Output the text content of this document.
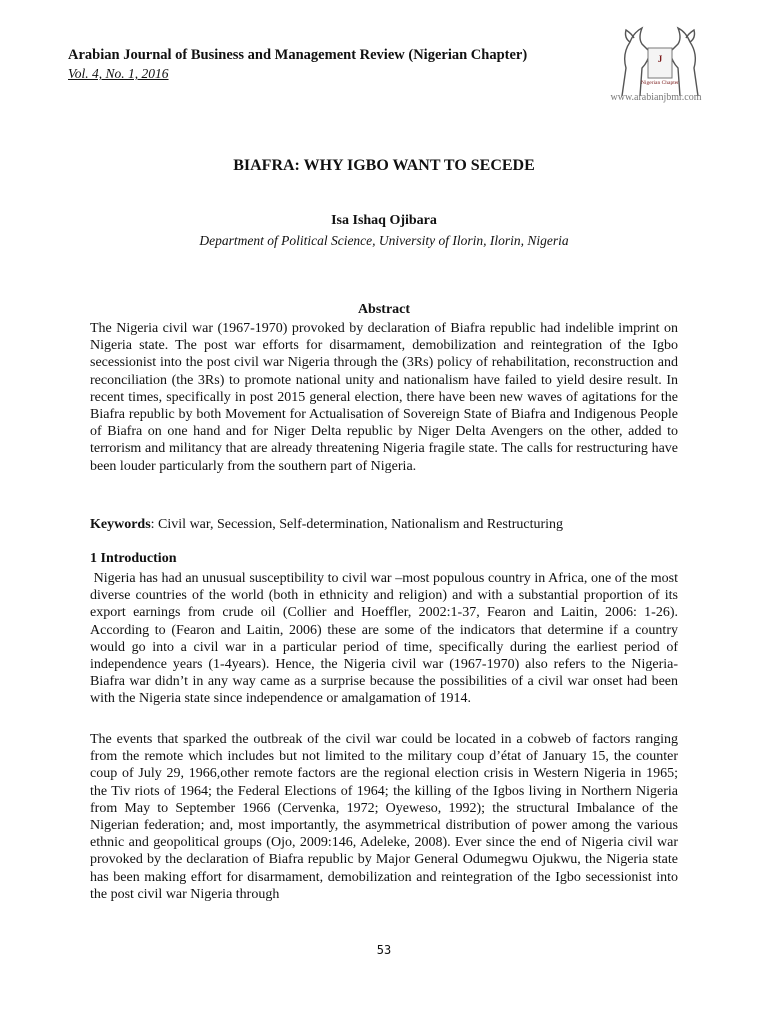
Arabian Journal of Business and Management Review (Nigerian Chapter)
Vol. 4, No. 1, 2016
J
Nigerian Chapter
www.arabianjbmr.com
BIAFRA: WHY IGBO WANT TO SECEDE
Isa Ishaq Ojibara
Department of Political Science, University of Ilorin, Ilorin, Nigeria
Abstract
The Nigeria civil war (1967-1970) provoked by declaration of Biafra republic had indelible imprint on Nigeria state. The post war efforts for disarmament, demobilization and reintegration of the Igbo secessionist into the post civil war Nigeria through the (3Rs) policy of rehabilitation, reconstruction and reconciliation (the 3Rs) to promote national unity and nationalism have failed to yield desire result. In recent times, specifically in post 2015 general election, there have been new waves of agitations for the Biafra republic by both Movement for Actualisation of Sovereign State of Biafra and Indigenous People of Biafra on one hand and for Niger Delta republic by Niger Delta Avengers on the other, added to terrorism and militancy that are already threatening Nigeria fragile state. The calls for restructuring have been louder particularly from the southern part of Nigeria.
Keywords: Civil war, Secession, Self-determination, Nationalism and Restructuring
1 Introduction
Nigeria has had an unusual susceptibility to civil war –most populous country in Africa, one of the most diverse countries of the world (both in ethnicity and religion) and with a substantial proportion of its export earnings from crude oil (Collier and Hoeffler, 2002:1-37, Fearon and Laitin, 2006: 1-26). According to (Fearon and Laitin, 2006) these are some of the indicators that determine if a country would go into a civil war in a particular period of time, specifically during the earliest period of independence years (1-4years). Hence, the Nigeria civil war (1967-1970) also refers to the Nigeria-Biafra war didn’t in any way came as a surprise because the possibilities of a civil war onset had been with the Nigeria state since independence or amalgamation of 1914.
The events that sparked the outbreak of the civil war could be located in a cobweb of factors ranging from the remote which includes but not limited to the military coup d’état of January 15, the counter coup of July 29, 1966,other remote factors are the regional election crisis in Western Nigeria in 1965; the Tiv riots of 1964; the Federal Elections of 1964; the killing of the Igbos living in Northern Nigeria from May to September 1966 (Cervenka, 1972; Oyeweso, 1992); the structural Imbalance of the Nigerian federation; and, most importantly, the asymmetrical distribution of power among the various ethnic and geopolitical groups (Ojo, 2009:146, Adeleke, 2008). Ever since the end of Nigeria civil war provoked by the declaration of Biafra republic by Major General Odumegwu Ojukwu, the Nigeria state has been making effort for disarmament, demobilization and reintegration of the Igbo secessionist into the post civil war Nigeria through
53
